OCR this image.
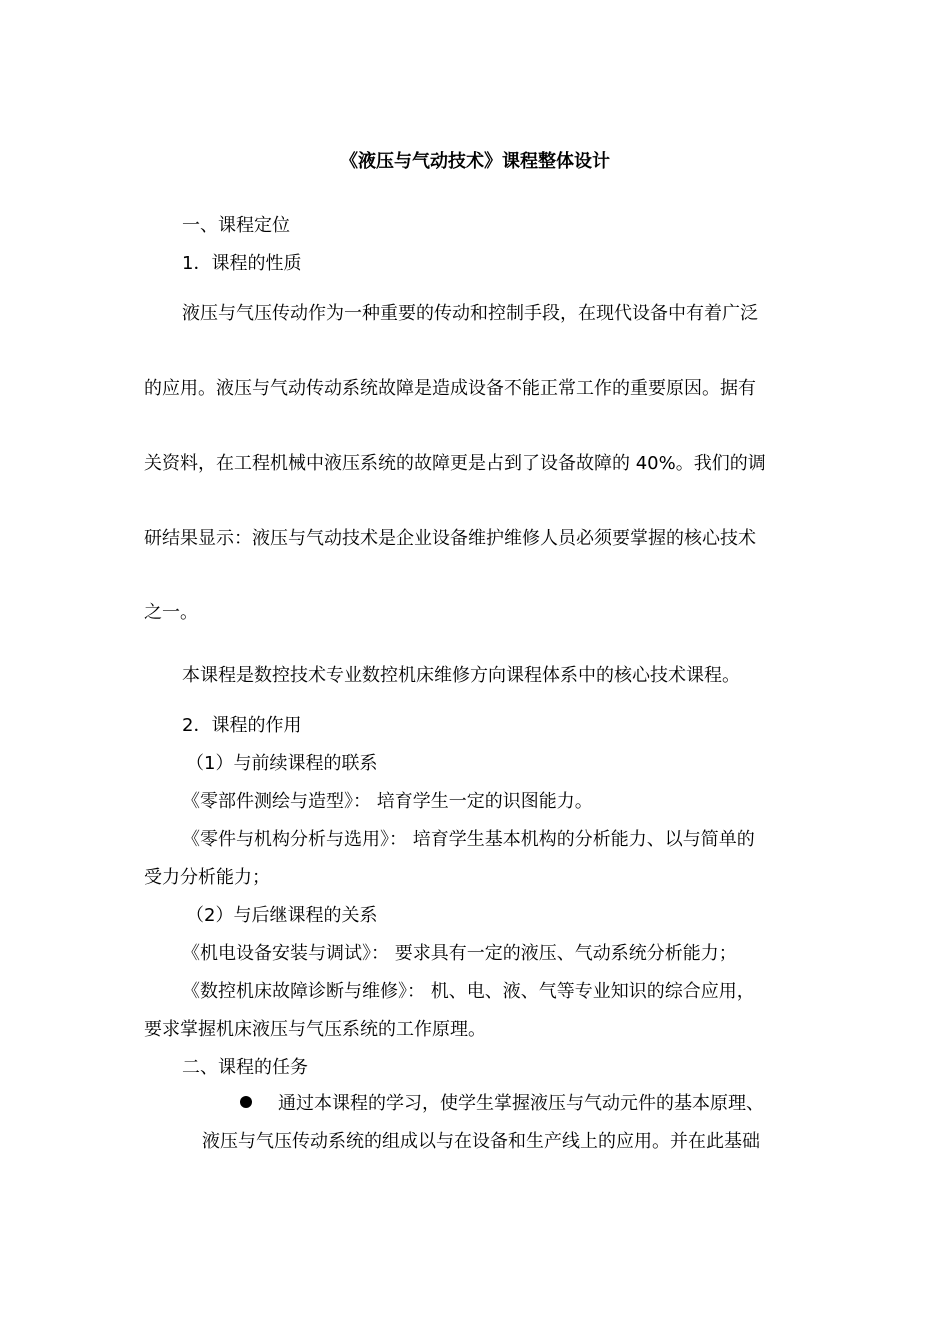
《液压与气动技术》课程整体设计
一、课程定位
1．课程的性质
液压与气压传动作为一种重要的传动和控制手段，在现代设备中有着广泛
的应用。液压与气动传动系统故障是造成设备不能正常工作的重要原因。据有
关资料，在工程机械中液压系统的故障更是占到了设备故障的 40%。我们的调
研结果显示：液压与气动技术是企业设备维护维修人员必须要掌握的核心技术
之一。
本课程是数控技术专业数控机床维修方向课程体系中的核心技术课程。
2．课程的作用
（1）与前续课程的联系
《零部件测绘与造型》： 培育学生一定的识图能力。
《零件与机构分析与选用》： 培育学生基本机构的分析能力、以与简单的
受力分析能力；
（2）与后继课程的关系
《机电设备安装与调试》： 要求具有一定的液压、气动系统分析能力；
《数控机床故障诊断与维修》： 机、电、液、气等专业知识的综合应用，
要求掌握机床液压与气压系统的工作原理。
二、课程的任务
通过本课程的学习，使学生掌握液压与气动元件的基本原理、
液压与气压传动系统的组成以与在设备和生产线上的应用。并在此基础
